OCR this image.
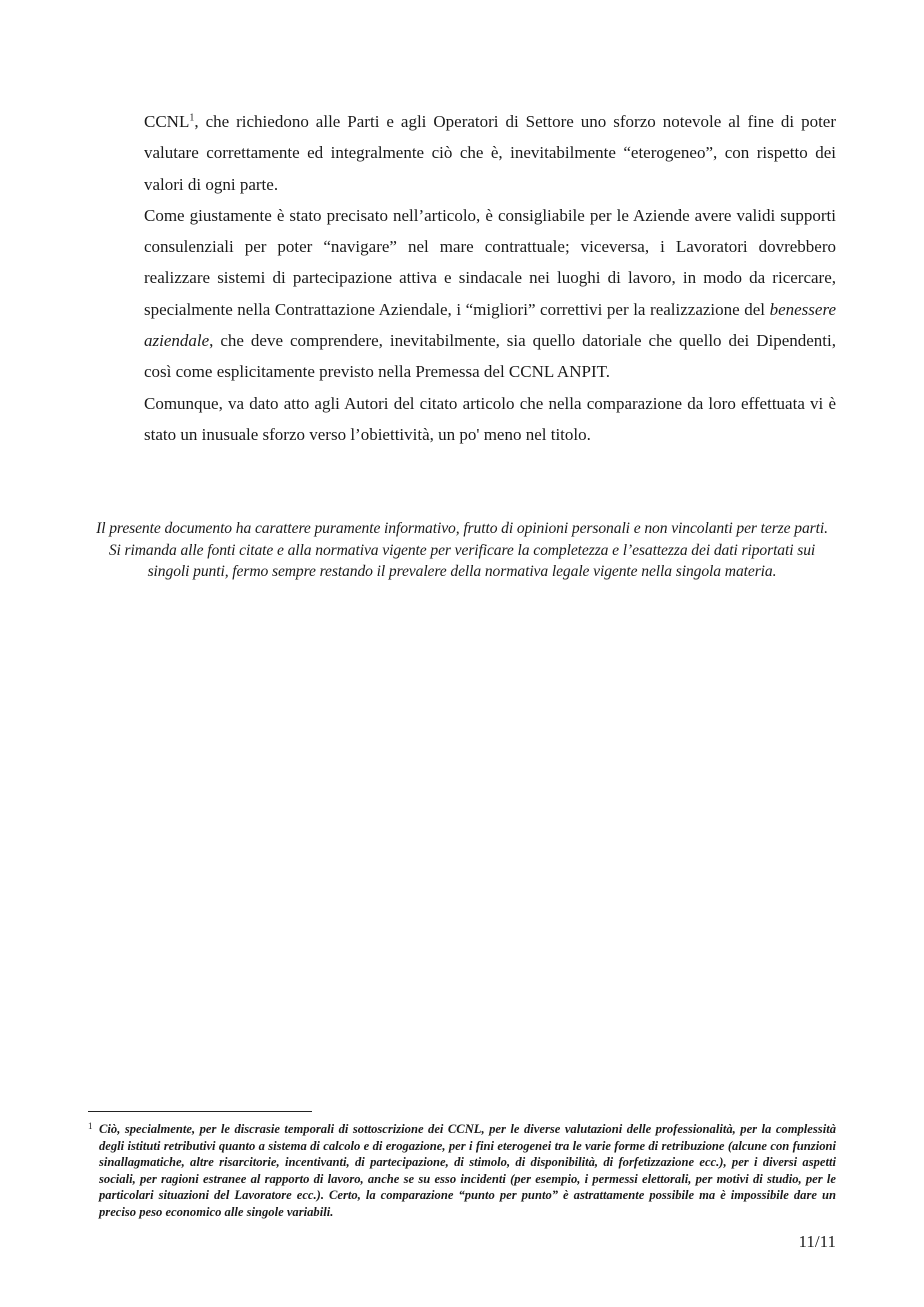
CCNL$^1$, che richiedono alle Parti e agli Operatori di Settore uno sforzo notevole al fine di poter valutare correttamente ed integralmente ciò che è, inevitabilmente “eterogeneo”, con rispetto dei valori di ogni parte.

Come giustamente è stato precisato nell’articolo, è consigliabile per le Aziende avere validi supporti consulenziali per poter “navigare” nel mare contrattuale; viceversa, i Lavoratori dovrebbero realizzare sistemi di partecipazione attiva e sindacale nei luoghi di lavoro, in modo da ricercare, specialmente nella Contrattazione Aziendale, i “migliori” correttivi per la realizzazione del benessere aziendale, che deve comprendere, inevitabilmente, sia quello datoriale che quello dei Dipendenti, così come esplicitamente previsto nella Premessa del CCNL ANPIT.

Comunque, va dato atto agli Autori del citato articolo che nella comparazione da loro effettuata vi è stato un inusuale sforzo verso l’obiettività, un po' meno nel titolo.

Il presente documento ha carattere puramente informativo, frutto di opinioni personali e non vincolanti per terze parti.

Si rimanda alle fonti citate e alla normativa vigente per verificare la completezza e l’esattezza dei dati riportati sui singoli punti, fermo sempre restando il prevalere della normativa legale vigente nella singola materia.

1 Ciò, specialmente, per le discrasie temporali di sottoscrizione dei CCNL, per le diverse valutazioni delle professionalità, per la complessità degli istituti retributivi quanto a sistema di calcolo e di erogazione, per i fini eterogenei tra le varie forme di retribuzione (alcune con funzioni sinallagmatiche, altre risarcitorie, incentivanti, di partecipazione, di stimolo, di disponibilità, di forfetizzazione ecc.), per i diversi aspetti sociali, per ragioni estranee al rapporto di lavoro, anche se su esso incidenti (per esempio, i permessi elettorali, per motivi di studio, per le particolari situazioni del Lavoratore ecc.). Certo, la comparazione “punto per punto” è astrattamente possibile ma è impossibile dare un preciso peso economico alle singole variabili.
11/11
